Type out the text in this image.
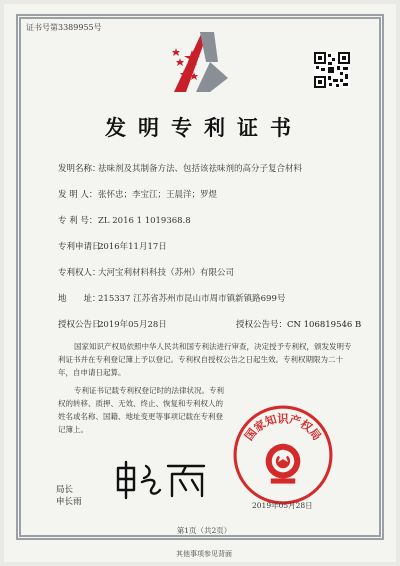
证书号第3389955号
发明专利证书
发明名称：祛味剂及其制备方法、包括该祛味剂的高分子复合材料
发 明 人：张怀忠；李宝江；王晨洋；罗煜
专 利 号：ZL 2016 1 1019368.8
专利申请日：2016年11月17日
专利权人：大河宝利材料科技（苏州）有限公司
地　　址：215337 江苏省苏州市昆山市周市镇新镇路699号
授权公告日：2019年05月28日	授权公告号：CN 106819546 B
国家知识产权局依照中华人民共和国专利法进行审查，决定授予专利权，颁发发明专利证书并在专利登记簿上予以登记。专利权自授权公告之日起生效。专利权期限为二十年，自申请日起算。
专利证书记载专利权登记时的法律状况。专利权的转移、质押、无效、终止、恢复和专利权人的姓名或名称、国籍、地址变更等事项记载在专利登记簿上。
局长
申长雨
国家知识产权局
2019年05月28日
第1页（共2页）
其他事项参见背面
